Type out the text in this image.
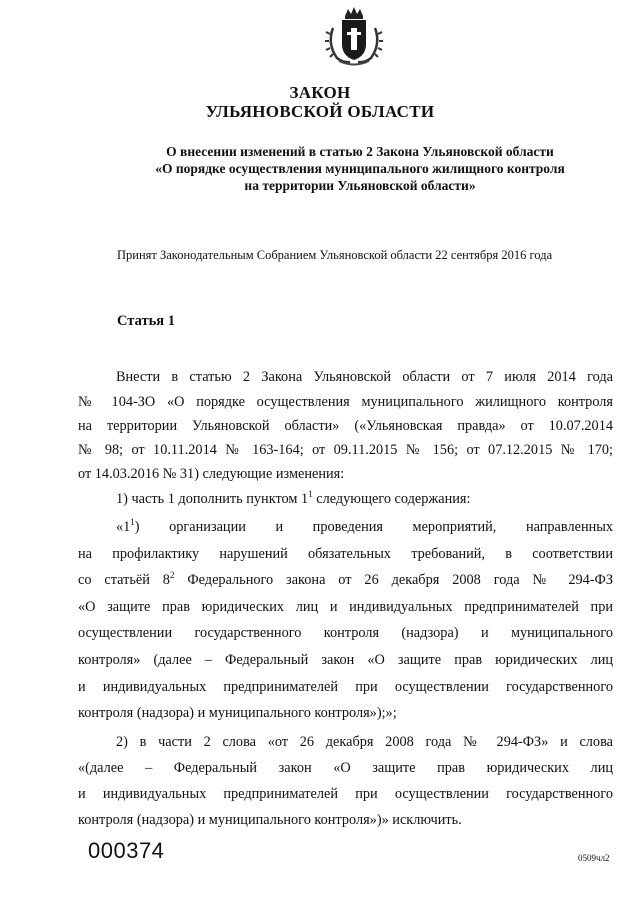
ЗАКОН
УЛЬЯНОВСКОЙ ОБЛАСТИ
О внесении изменений в статью 2 Закона Ульяновской области
«О порядке осуществления муниципального жилищного контроля
на территории Ульяновской области»
Принят Законодательным Собранием Ульяновской области 22 сентября 2016 года
Статья 1
Внести в статью 2 Закона Ульяновской области от 7 июля 2014 года
№ 104-ЗО «О порядке осуществления муниципального жилищного контроля
на территории Ульяновской области» («Ульяновская правда» от 10.07.2014
№ 98; от 10.11.2014 № 163-164; от 09.11.2015 № 156; от 07.12.2015 № 170;
от 14.03.2016 № 31) следующие изменения:
1) часть 1 дополнить пунктом $1^1$ следующего содержания:
«$1^1$) организации и проведения мероприятий, направленных
на профилактику нарушений обязательных требований, в соответствии
со статьёй $8^2$ Федерального закона от 26 декабря 2008 года № 294-ФЗ
«О защите прав юридических лиц и индивидуальных предпринимателей при
осуществлении государственного контроля (надзора) и муниципального
контроля» (далее – Федеральный закон «О защите прав юридических лиц
и индивидуальных предпринимателей при осуществлении государственного
контроля (надзора) и муниципального контроля»);»;
2) в части 2 слова «от 26 декабря 2008 года № 294-ФЗ» и слова
«(далее – Федеральный закон «О защите прав юридических лиц
и индивидуальных предпринимателей при осуществлении государственного
контроля (надзора) и муниципального контроля»)» исключить.
000374	0509чл2
